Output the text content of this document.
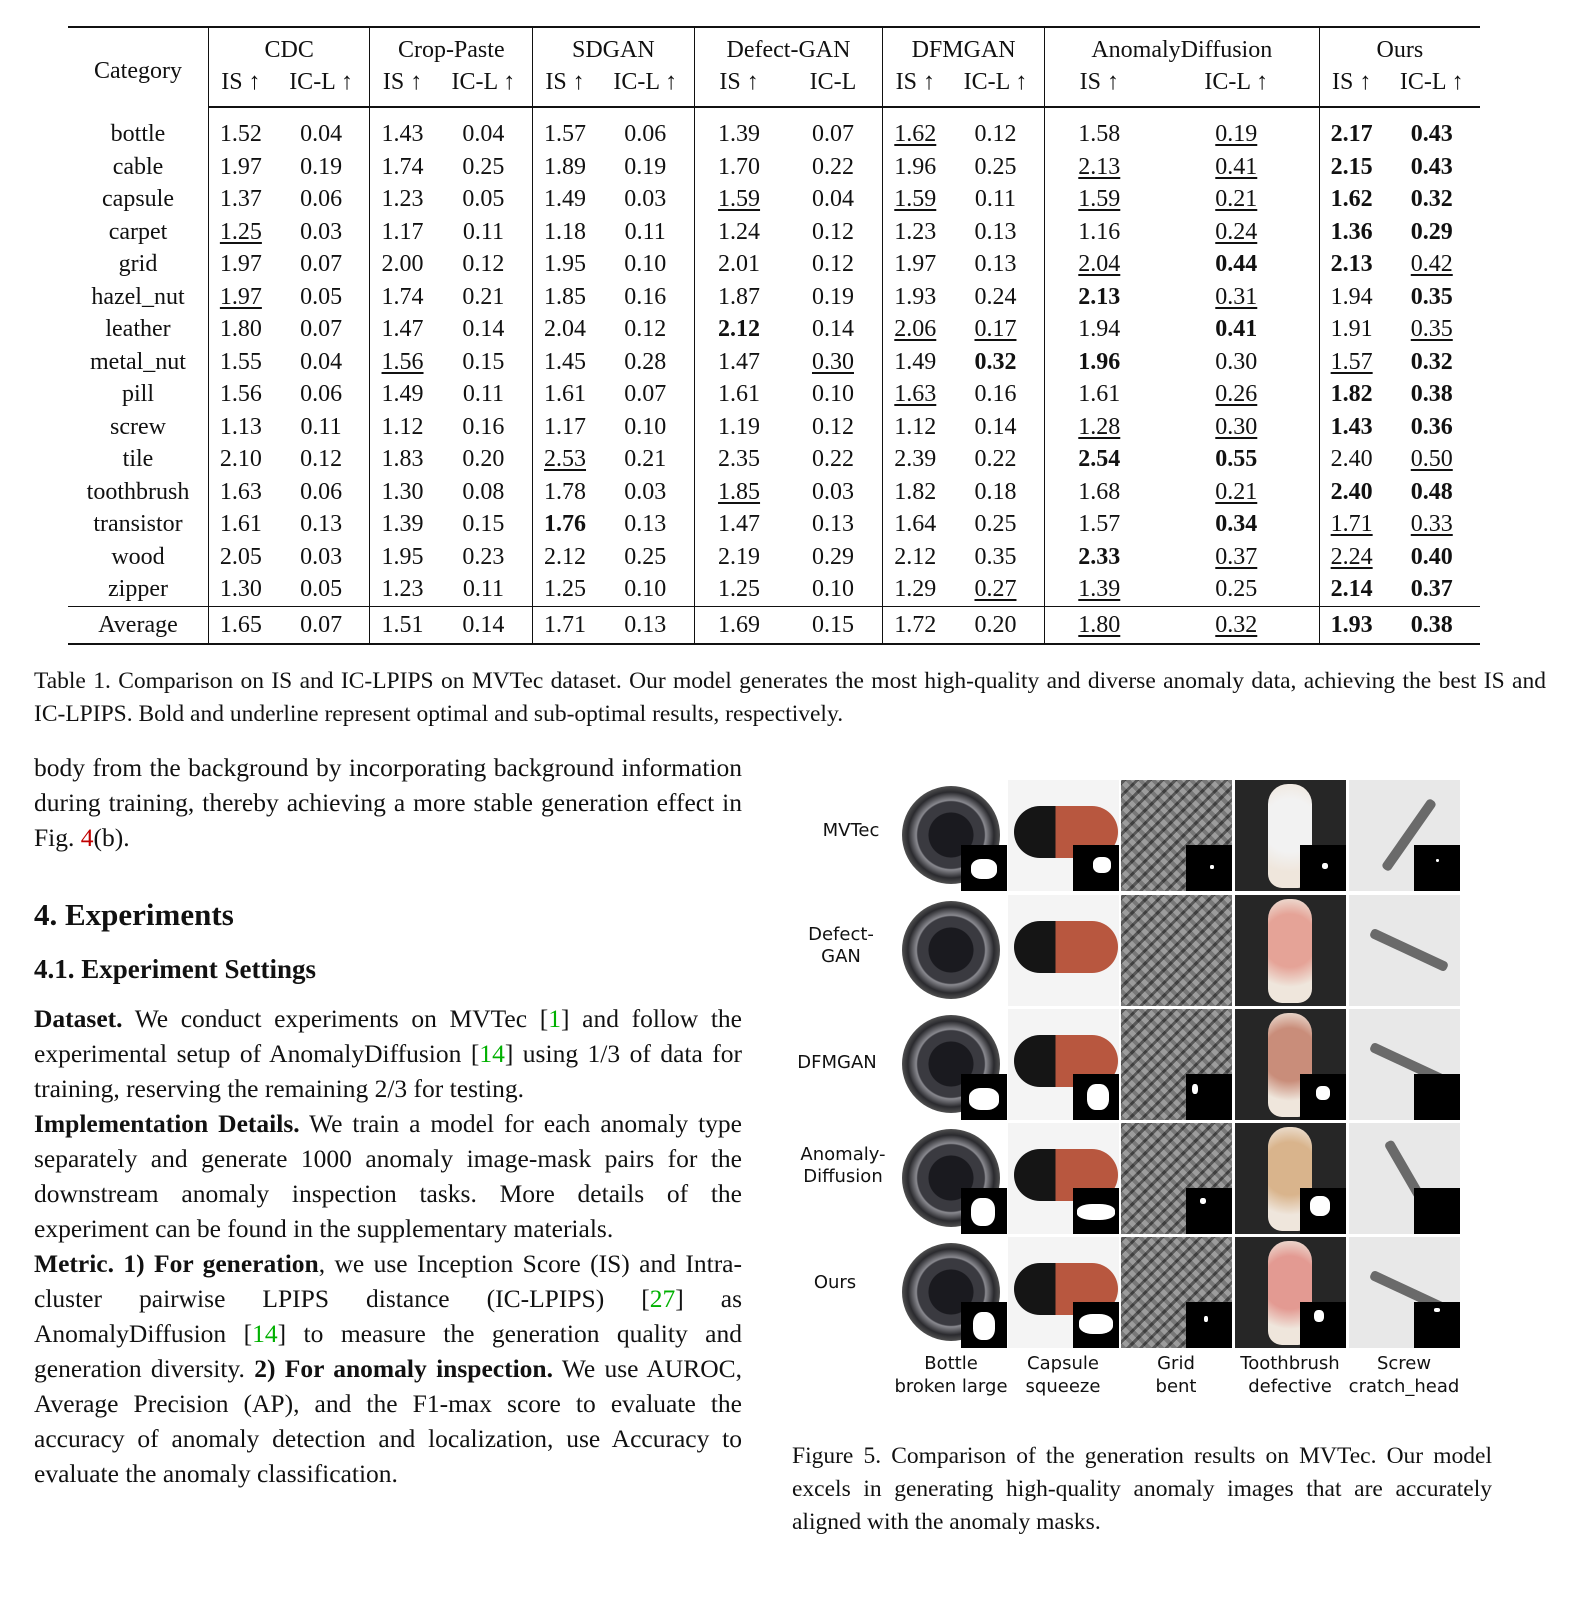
Category	CDC		Crop-Paste		SDGAN		Defect-GAN		DFMGAN		AnomalyDiffusion		Ours	
	IS ↑	IC-L ↑	IS ↑	IC-L ↑	IS ↑	IC-L ↑	IS ↑	IC-L	IS ↑	IC-L ↑	IS ↑	IC-L ↑	IS ↑	IC-L ↑
bottle	1.52	0.04	1.43	0.04	1.57	0.06	1.39	0.07	1.62	0.12	1.58	0.19	2.17	0.43
cable	1.97	0.19	1.74	0.25	1.89	0.19	1.70	0.22	1.96	0.25	2.13	0.41	2.15	0.43
capsule	1.37	0.06	1.23	0.05	1.49	0.03	1.59	0.04	1.59	0.11	1.59	0.21	1.62	0.32
carpet	1.25	0.03	1.17	0.11	1.18	0.11	1.24	0.12	1.23	0.13	1.16	0.24	1.36	0.29
grid	1.97	0.07	2.00	0.12	1.95	0.10	2.01	0.12	1.97	0.13	2.04	0.44	2.13	0.42
hazel_nut	1.97	0.05	1.74	0.21	1.85	0.16	1.87	0.19	1.93	0.24	2.13	0.31	1.94	0.35
leather	1.80	0.07	1.47	0.14	2.04	0.12	2.12	0.14	2.06	0.17	1.94	0.41	1.91	0.35
metal_nut	1.55	0.04	1.56	0.15	1.45	0.28	1.47	0.30	1.49	0.32	1.96	0.30	1.57	0.32
pill	1.56	0.06	1.49	0.11	1.61	0.07	1.61	0.10	1.63	0.16	1.61	0.26	1.82	0.38
screw	1.13	0.11	1.12	0.16	1.17	0.10	1.19	0.12	1.12	0.14	1.28	0.30	1.43	0.36
tile	2.10	0.12	1.83	0.20	2.53	0.21	2.35	0.22	2.39	0.22	2.54	0.55	2.40	0.50
toothbrush	1.63	0.06	1.30	0.08	1.78	0.03	1.85	0.03	1.82	0.18	1.68	0.21	2.40	0.48
transistor	1.61	0.13	1.39	0.15	1.76	0.13	1.47	0.13	1.64	0.25	1.57	0.34	1.71	0.33
wood	2.05	0.03	1.95	0.23	2.12	0.25	2.19	0.29	2.12	0.35	2.33	0.37	2.24	0.40
zipper	1.30	0.05	1.23	0.11	1.25	0.10	1.25	0.10	1.29	0.27	1.39	0.25	2.14	0.37
Average	1.65	0.07	1.51	0.14	1.71	0.13	1.69	0.15	1.72	0.20	1.80	0.32	1.93	0.38
Table 1. Comparison on IS and IC-LPIPS on MVTec dataset. Our model generates the most high-quality and diverse anomaly data, achieving the best IS and IC-LPIPS. Bold and underline represent optimal and sub-optimal results, respectively.

body from the background by incorporating background information during training, thereby achieving a more stable generation effect in Fig. 4(b).

4. Experiments
4.1. Experiment Settings

Dataset. We conduct experiments on MVTec [1] and follow the experimental setup of AnomalyDiffusion [14] using 1/3 of data for training, reserving the remaining 2/3 for testing.

Implementation Details. We train a model for each anomaly type separately and generate 1000 anomaly image-mask pairs for the downstream anomaly inspection tasks. More details of the experiment can be found in the supplementary materials.

Metric. 1) For generation, we use Inception Score (IS) and Intra-cluster pairwise LPIPS distance (IC-LPIPS) [27] as AnomalyDiffusion [14] to measure the generation quality and generation diversity. 2) For anomaly inspection. We use AUROC, Average Precision (AP), and the F1-max score to evaluate the accuracy of anomaly detection and localization, use Accuracy to evaluate the anomaly classification.

MVTec
Defect-
GAN
DFMGAN
Anomaly-
Diffusion
Ours
Bottle
broken large
Capsule
squeeze
Grid
bent
Toothbrush
defective
Screw
cratch_head
Figure 5. Comparison of the generation results on MVTec. Our model excels in generating high-quality anomaly images that are accurately aligned with the anomaly masks.
